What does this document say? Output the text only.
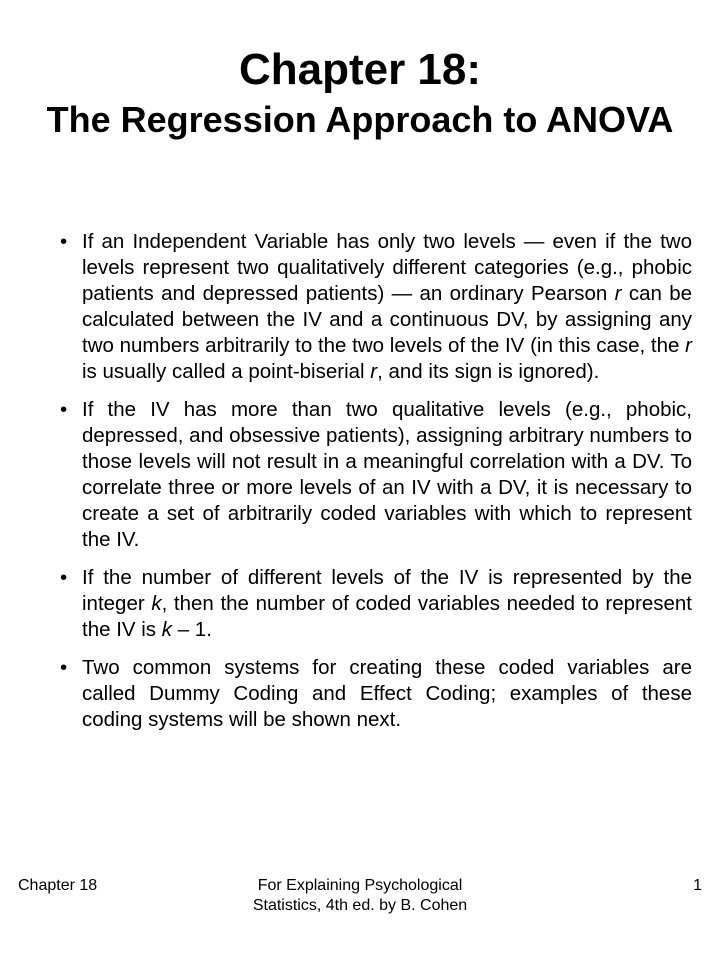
Chapter 18:
The Regression Approach to ANOVA
• If an Independent Variable has only two levels — even if the two levels represent two qualitatively different categories (e.g., phobic patients and depressed patients) — an ordinary Pearson r can be calculated between the IV and a continuous DV, by assigning any two numbers arbitrarily to the two levels of the IV (in this case, the r is usually called a point-biserial r, and its sign is ignored).
• If the IV has more than two qualitative levels (e.g., phobic, depressed, and obsessive patients), assigning arbitrary numbers to those levels will not result in a meaningful correlation with a DV. To correlate three or more levels of an IV with a DV, it is necessary to create a set of arbitrarily coded variables with which to represent the IV.
• If the number of different levels of the IV is represented by the integer k, then the number of coded variables needed to represent the IV is k – 1.
• Two common systems for creating these coded variables are called Dummy Coding and Effect Coding; examples of these coding systems will be shown next.
Chapter 18	For Explaining Psychological Statistics, 4th ed. by B. Cohen
1
